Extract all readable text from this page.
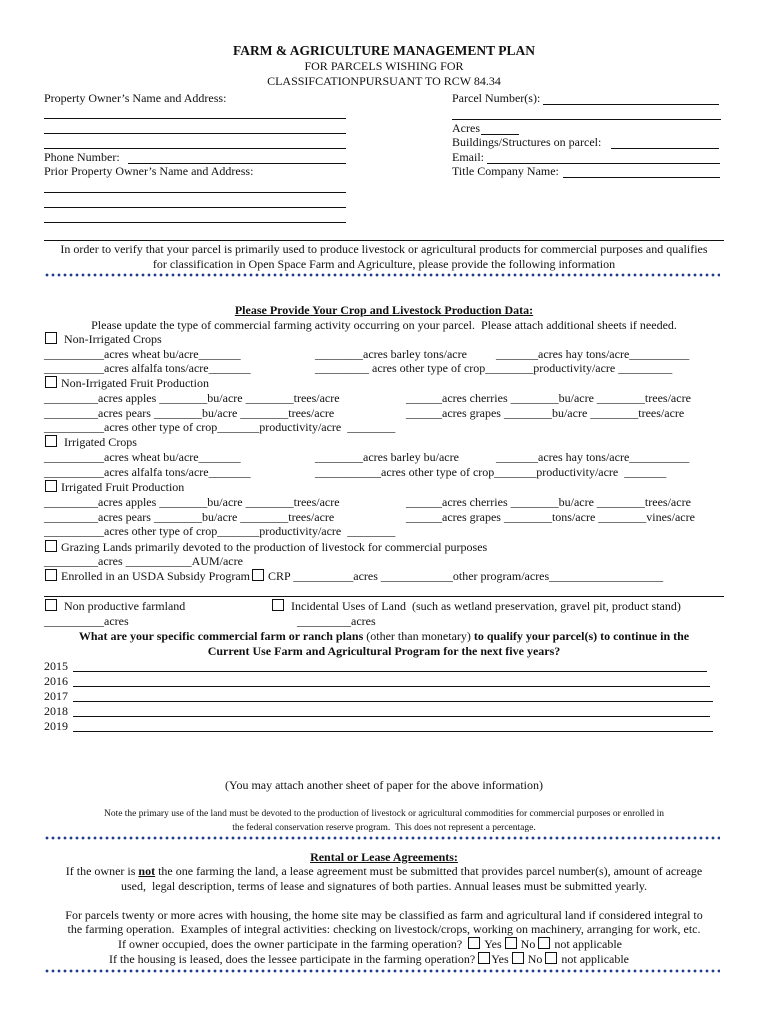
FARM & AGRICULTURE MANAGEMENT PLAN
FOR PARCELS WISHING FOR
CLASSIFCATIONPURSUANT TO RCW 84.34
Property Owner’s Name and Address:
Phone Number:
Prior Property Owner’s Name and Address:
Parcel Number(s):
Acres
Buildings/Structures on parcel:
Email:
Title Company Name:
In order to verify that your parcel is primarily used to produce livestock or agricultural products for commercial purposes and qualifies
for classification in Open Space Farm and Agriculture, please provide the following information
Please Provide Your Crop and Livestock Production Data:
Please update the type of commercial farming activity occurring on your parcel.  Please attach additional sheets if needed.
Non-Irrigated Crops
__________acres wheat bu/acre_______	________acres barley tons/acre _______acres hay tons/acre__________
__________acres alfalfa tons/acre_______	_________ acres other type of crop________productivity/acre _________
Non-Irrigated Fruit Production
_________acres apples ________bu/acre ________trees/acre	______acres cherries ________bu/acre ________trees/acre
_________acres pears ________bu/acre ________trees/acre	______acres grapes ________bu/acre ________trees/acre
__________acres other type of crop_______productivity/acre  ________
Irrigated Crops
__________acres wheat bu/acre_______	________acres barley bu/acre	_______acres hay tons/acre__________
__________acres alfalfa tons/acre_______	___________acres other type of crop_______productivity/acre  _______
Irrigated Fruit Production
_________acres apples ________bu/acre ________trees/acre	______acres cherries ________bu/acre ________trees/acre
_________acres pears ________bu/acre ________trees/acre	______acres grapes ________tons/acre ________vines/acre
__________acres other type of crop_______productivity/acre  ________
Grazing Lands primarily devoted to the production of livestock for commercial purposes
_________acres ___________AUM/acre
Enrolled in an USDA Subsidy Program CRP __________acres ____________other program/acres___________________
Non productive farmland	Incidental Uses of Land  (such as wetland preservation, gravel pit, product stand)
__________acres	_________acres
What are your specific commercial farm or ranch plans (other than monetary) to qualify your parcel(s) to continue in the
Current Use Farm and Agricultural Program for the next five years?
2015
2016
2017
2018
2019
(You may attach another sheet of paper for the above information)
Note the primary use of the land must be devoted to the production of livestock or agricultural commodities for commercial purposes or enrolled in
the federal conservation reserve program.  This does not represent a percentage.
Rental or Lease Agreements:
If the owner is not the one farming the land, a lease agreement must be submitted that provides parcel number(s), amount of acreage
used,  legal description, terms of lease and signatures of both parties. Annual leases must be submitted yearly.
For parcels twenty or more acres with housing, the home site may be classified as farm and agricultural land if considered integral to
the farming operation.  Examples of integral activities: checking on livestock/crops, working on machinery, arranging for work, etc.
If owner occupied, does the owner participate in the farming operation? Yes No not applicable
If the housing is leased, does the lessee participate in the farming operation? Yes No not applicable
